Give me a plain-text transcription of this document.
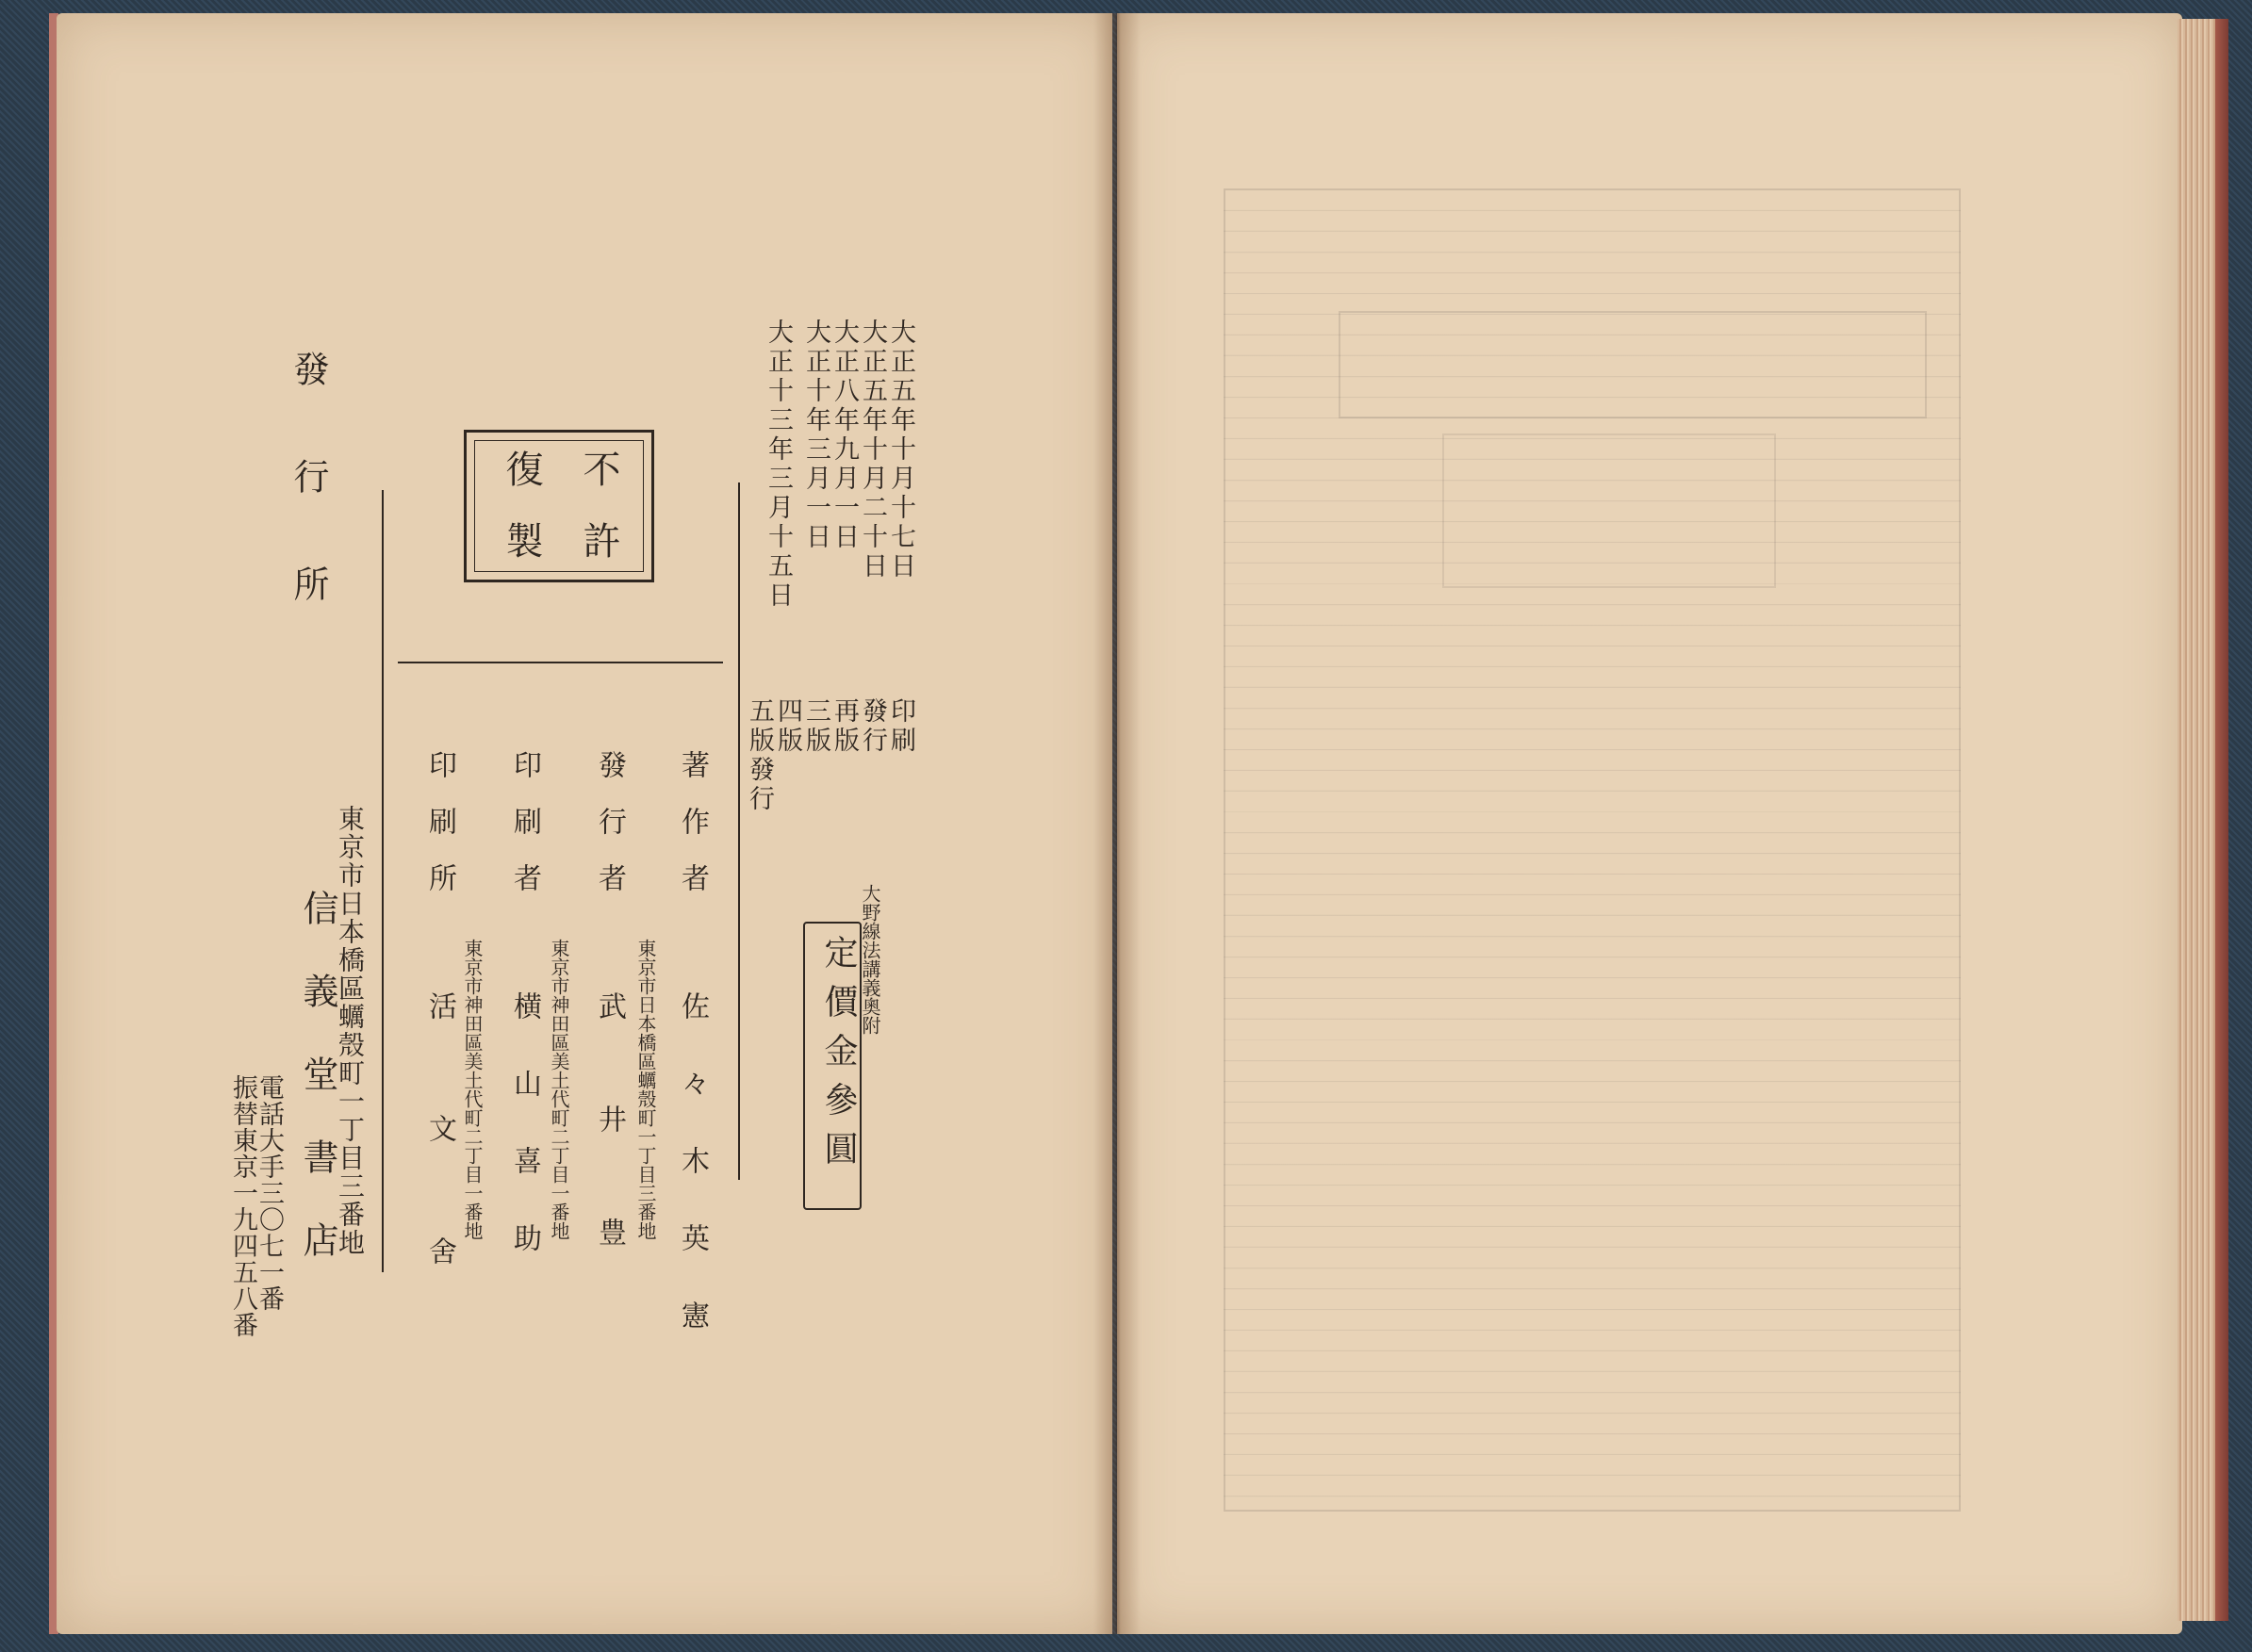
發行所	不許
復製	大正五年十月十七日
大正五年十月二十日
大正八年九月一日
大正十年三月一日
大正十三年三月十五日
印刷
發行
再版
三版
四版
五版發行
著作者
東京市日本橋區蠣殼町一丁目三番地 佐々木英憲
發行者
東京市神田區美土代町二丁目一番地 武井豊
印刷者
東京市神田區美土代町二丁目一番地 横山喜助
印刷所
活文舍
東京市日本橋區蠣殼町一丁目三番地
信義堂書店
電話大手三〇七一番
振替東京一九四五八番
大野線法講義奧附
定價金參圓
